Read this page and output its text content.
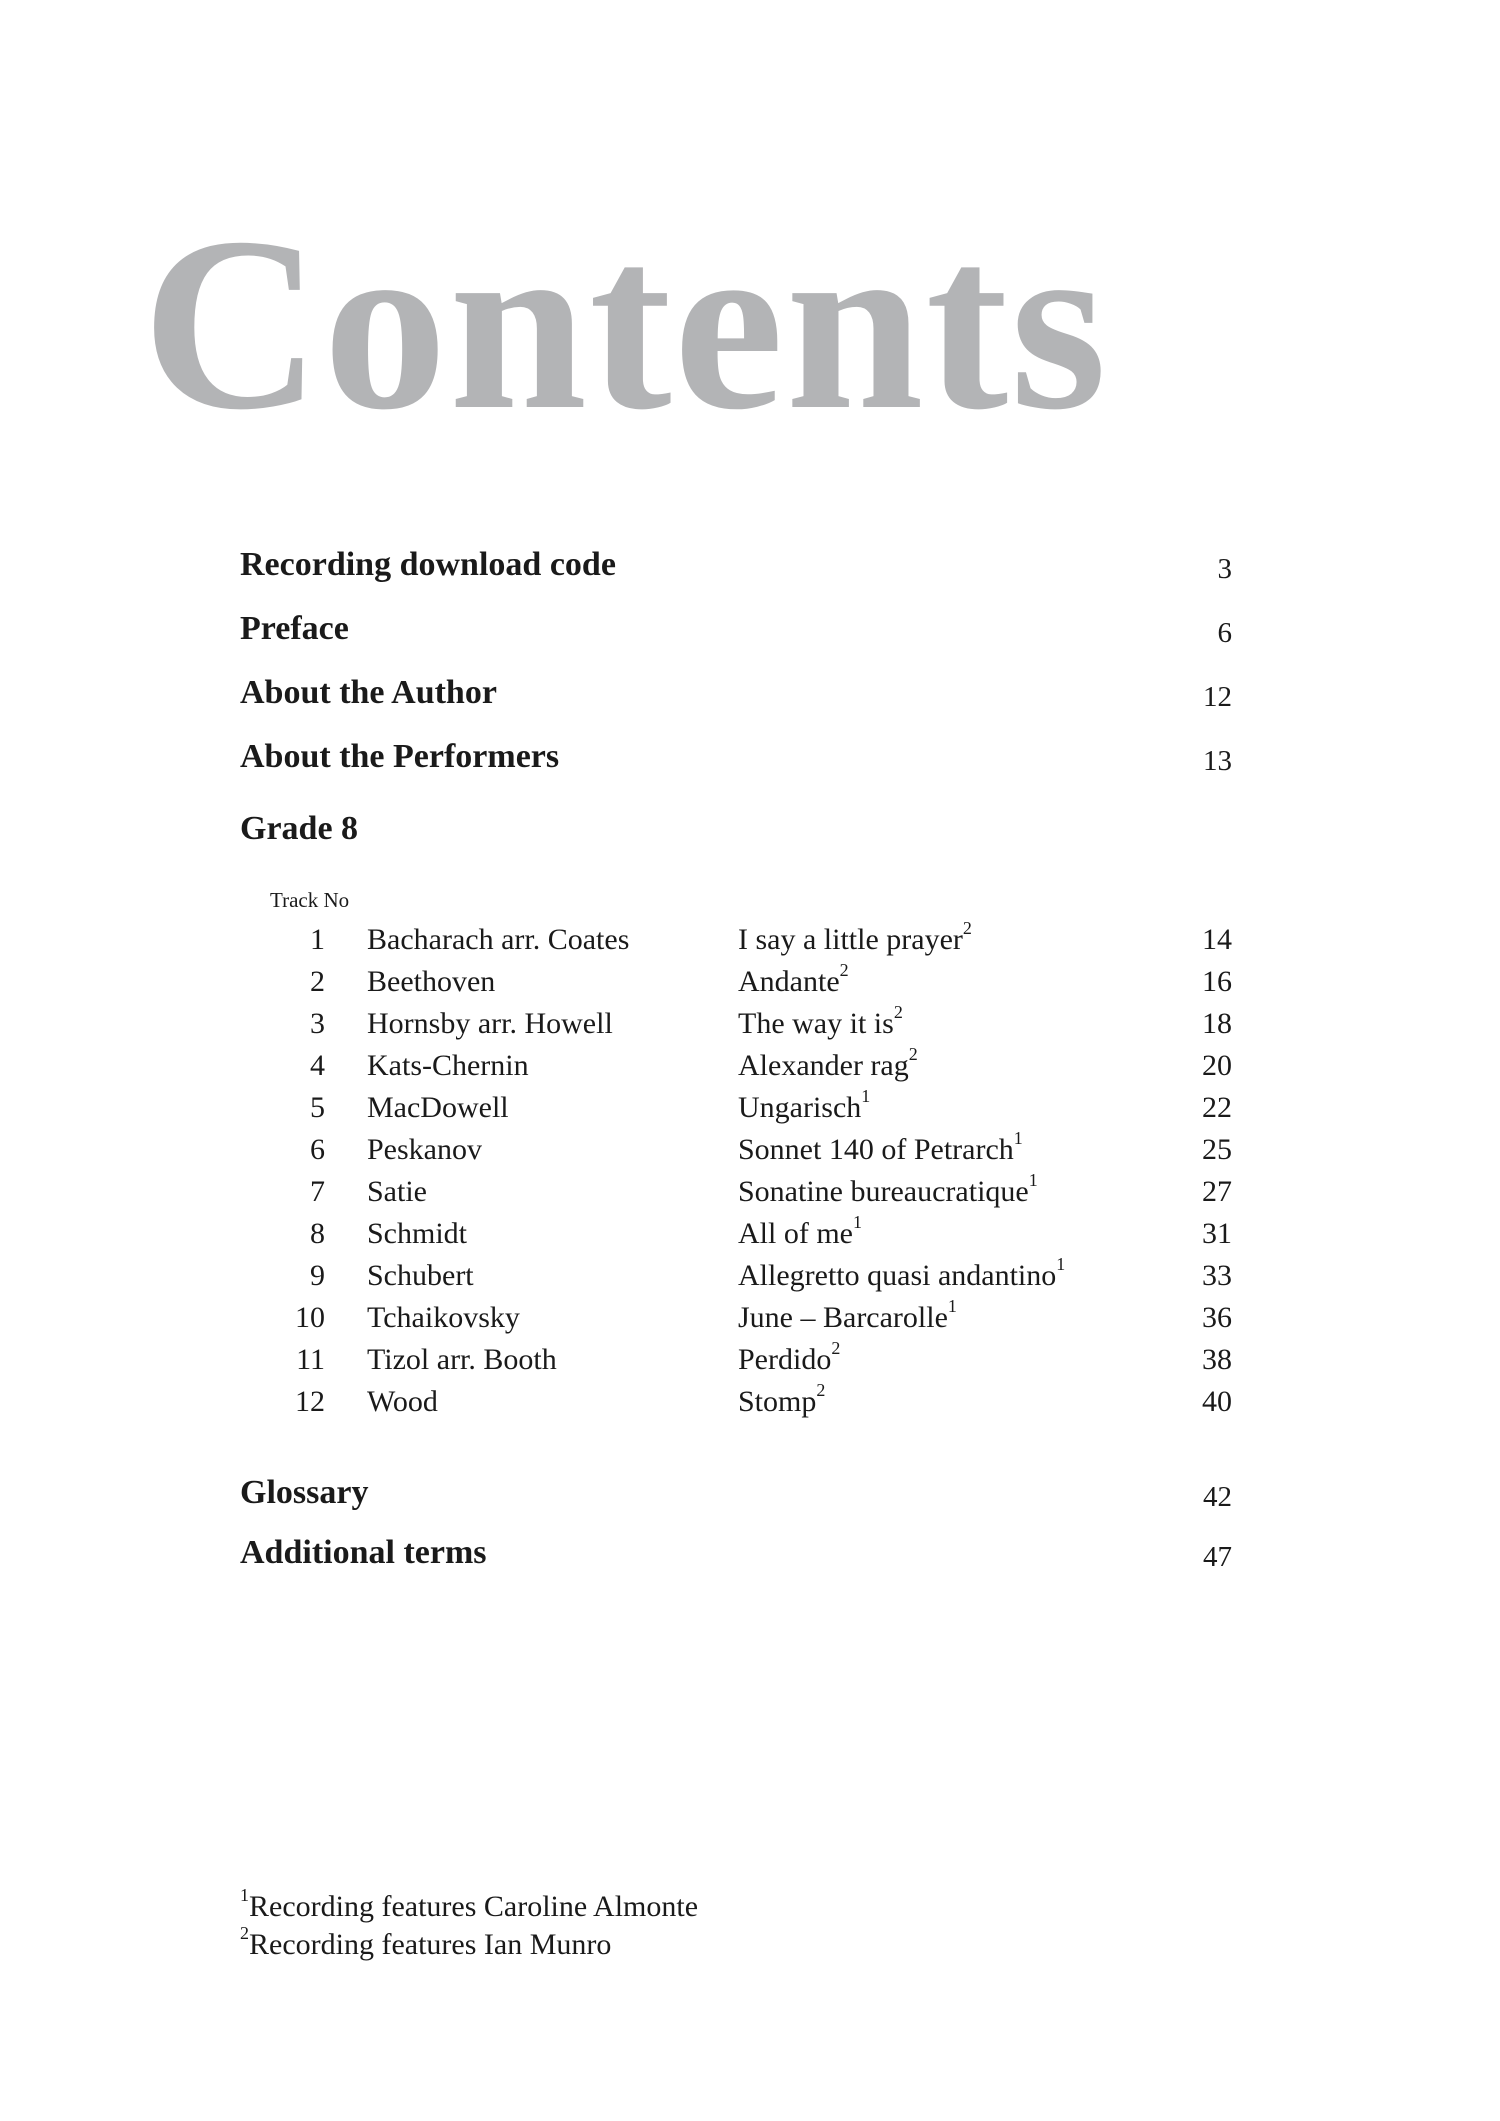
Contents
Recording download code	3
Preface	6
About the Author	12
About the Performers	13
Grade 8
Track No
1 Bacharach arr. Coates	I say a little prayer$^2$	14
2 Beethoven	Andante$^2$	16
3 Hornsby arr. Howell	The way it $is^2$	18
4 Kats-Chernin	Alexander rag$^2$	20
5 MacDowell	Ungarisch$^1$	22
6 Peskanov	Sonnet 140 of Petrarch$^1$	25
7 Satie	Sonatine bureaucratique$^1$	27
8 Schmidt	All of $me^1$	31
9 Schubert	Allegretto quasi andantino$^1$	33
10 Tchaikovsky	June – Barcarolle$^1$	36
11 Tizol arr. Booth	Perdido$^2$	38
12 Wood	Stomp$^2$	40
Glossary	42
Additional terms	47
$^1$Recording features Caroline Almonte
$^2$Recording features Ian Munro
